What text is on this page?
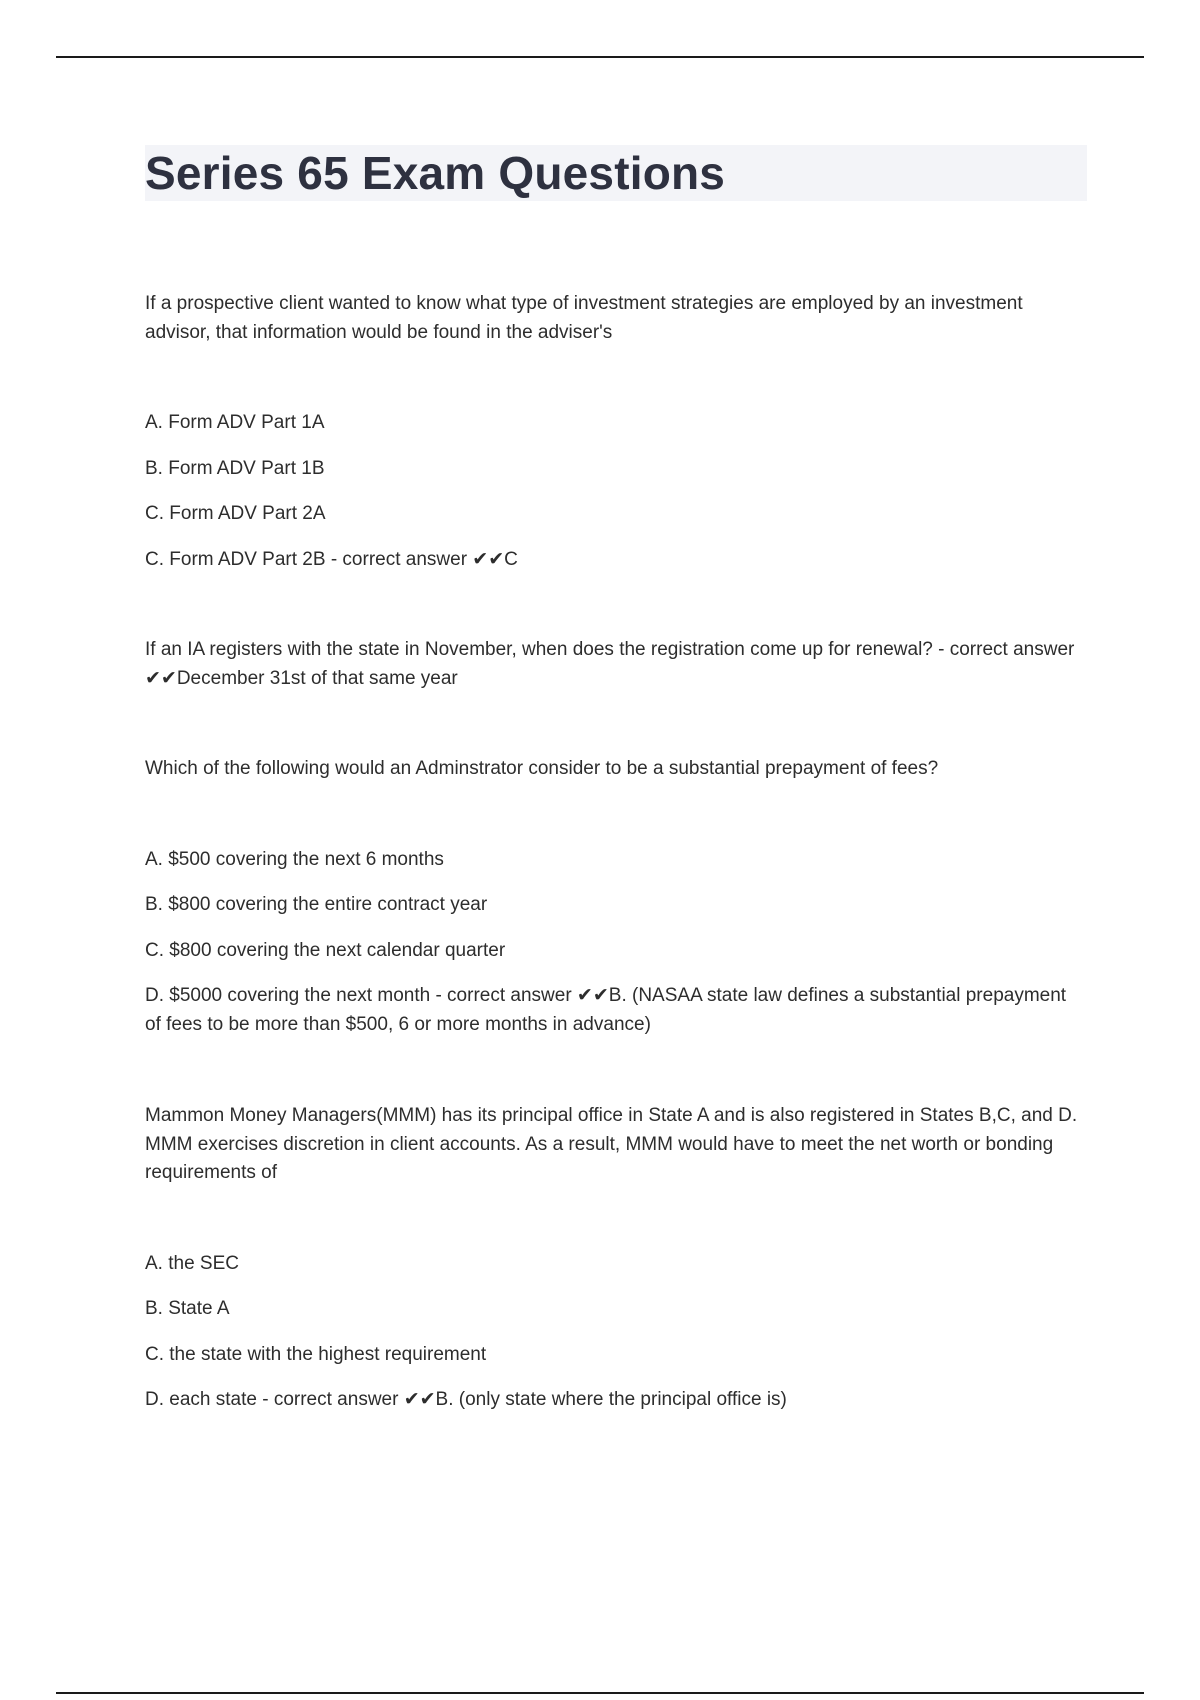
Series 65 Exam Questions

If a prospective client wanted to know what type of investment strategies are employed by an investment advisor, that information would be found in the adviser's

A. Form ADV Part 1A

B. Form ADV Part 1B

C. Form ADV Part 2A

C. Form ADV Part 2B - correct answer ✔✔C

If an IA registers with the state in November, when does the registration come up for renewal? - correct answer ✔✔December 31st of that same year

Which of the following would an Adminstrator consider to be a substantial prepayment of fees?

A. $500 covering the next 6 months

B. $800 covering the entire contract year

C. $800 covering the next calendar quarter

D. $5000 covering the next month - correct answer ✔✔B. (NASAA state law defines a substantial prepayment of fees to be more than $500, 6 or more months in advance)

Mammon Money Managers(MMM) has its principal office in State A and is also registered in States B,C, and D. MMM exercises discretion in client accounts. As a result, MMM would have to meet the net worth or bonding requirements of

A. the SEC

B. State A

C. the state with the highest requirement

D. each state - correct answer ✔✔B. (only state where the principal office is)
